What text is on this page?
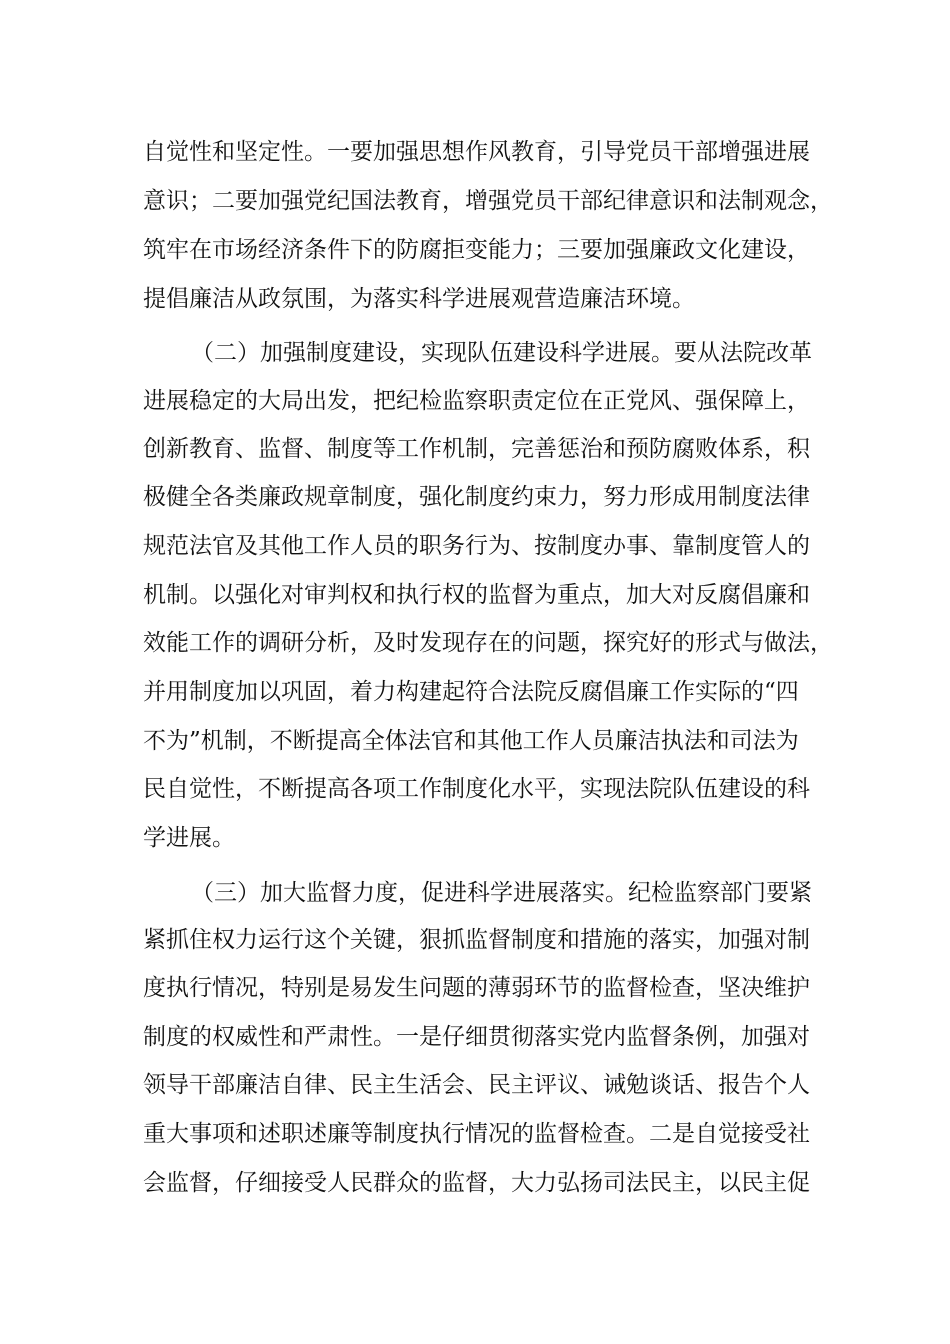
自觉性和坚定性。一要加强思想作风教育，引导党员干部增强进展
意识；二要加强党纪国法教育，增强党员干部纪律意识和法制观念，
筑牢在市场经济条件下的防腐拒变能力；三要加强廉政文化建设，
提倡廉洁从政氛围，为落实科学进展观营造廉洁环境。
（二）加强制度建设，实现队伍建设科学进展。要从法院改革
进展稳定的大局出发，把纪检监察职责定位在正党风、强保障上，
创新教育、监督、制度等工作机制，完善惩治和预防腐败体系，积
极健全各类廉政规章制度，强化制度约束力，努力形成用制度法律
规范法官及其他工作人员的职务行为、按制度办事、靠制度管人的
机制。以强化对审判权和执行权的监督为重点，加大对反腐倡廉和
效能工作的调研分析，及时发现存在的问题，探究好的形式与做法，
并用制度加以巩固，着力构建起符合法院反腐倡廉工作实际的“四
不为”机制，不断提高全体法官和其他工作人员廉洁执法和司法为
民自觉性，不断提高各项工作制度化水平，实现法院队伍建设的科
学进展。
（三）加大监督力度，促进科学进展落实。纪检监察部门要紧
紧抓住权力运行这个关键，狠抓监督制度和措施的落实，加强对制
度执行情况，特别是易发生问题的薄弱环节的监督检查，坚决维护
制度的权威性和严肃性。一是仔细贯彻落实党内监督条例，加强对
领导干部廉洁自律、民主生活会、民主评议、诫勉谈话、报告个人
重大事项和述职述廉等制度执行情况的监督检查。二是自觉接受社
会监督，仔细接受人民群众的监督，大力弘扬司法民主，以民主促
